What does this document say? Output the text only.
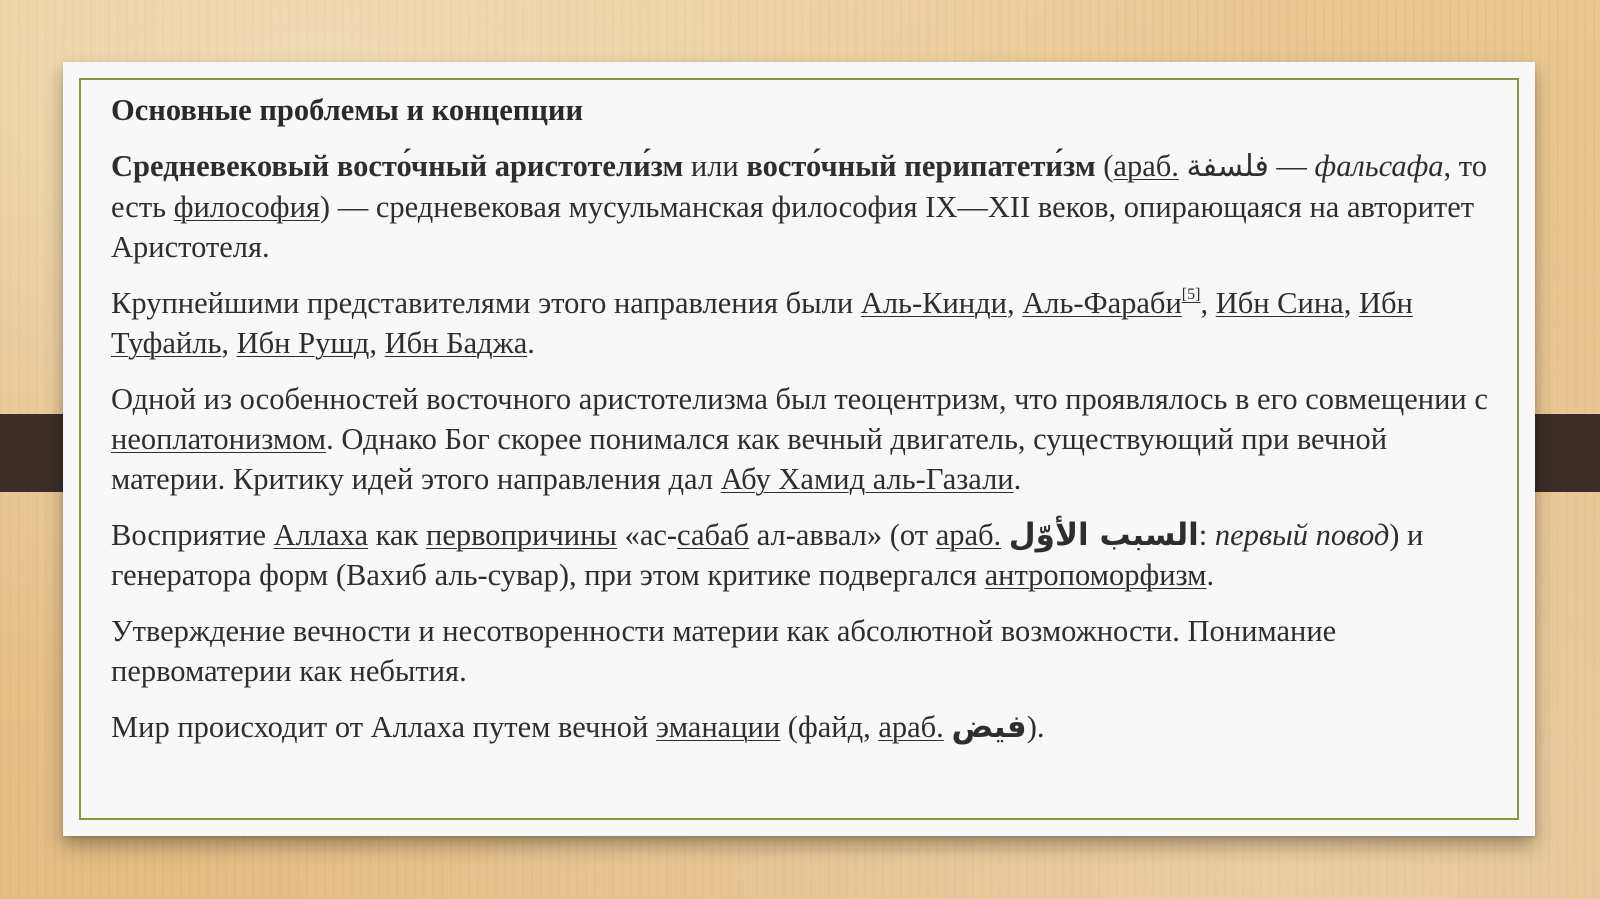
Основные проблемы и концепции

Средневековый восто́чный аристотели́зм или восто́чный перипатети́зм (араб. فلسفة — фальсафа, то есть философия) — средневековая мусульманская философия IX—XII веков, опирающаяся на авторитет Аристотеля.

Крупнейшими представителями этого направления были Аль-Кинди, Аль-Фараби[5], Ибн Сина, Ибн Туфайль, Ибн Рушд, Ибн Баджа.

Одной из особенностей восточного аристотелизма был теоцентризм, что проявлялось в его совмещении с неоплатонизмом. Однако Бог скорее понимался как вечный двигатель, существующий при вечной материи. Критику идей этого направления дал Абу Хамид аль-Газали.

Восприятие Аллаха как первопричины «ас-сабаб ал-аввал» (от араб. السبب الأوّل: первый повод) и генератора форм (Вахиб аль-сувар), при этом критике подвергался антропоморфизм.

Утверждение вечности и несотворенности материи как абсолютной возможности. Понимание первоматерии как небытия.

Мир происходит от Аллаха путем вечной эманации (файд, араб. فيض).
